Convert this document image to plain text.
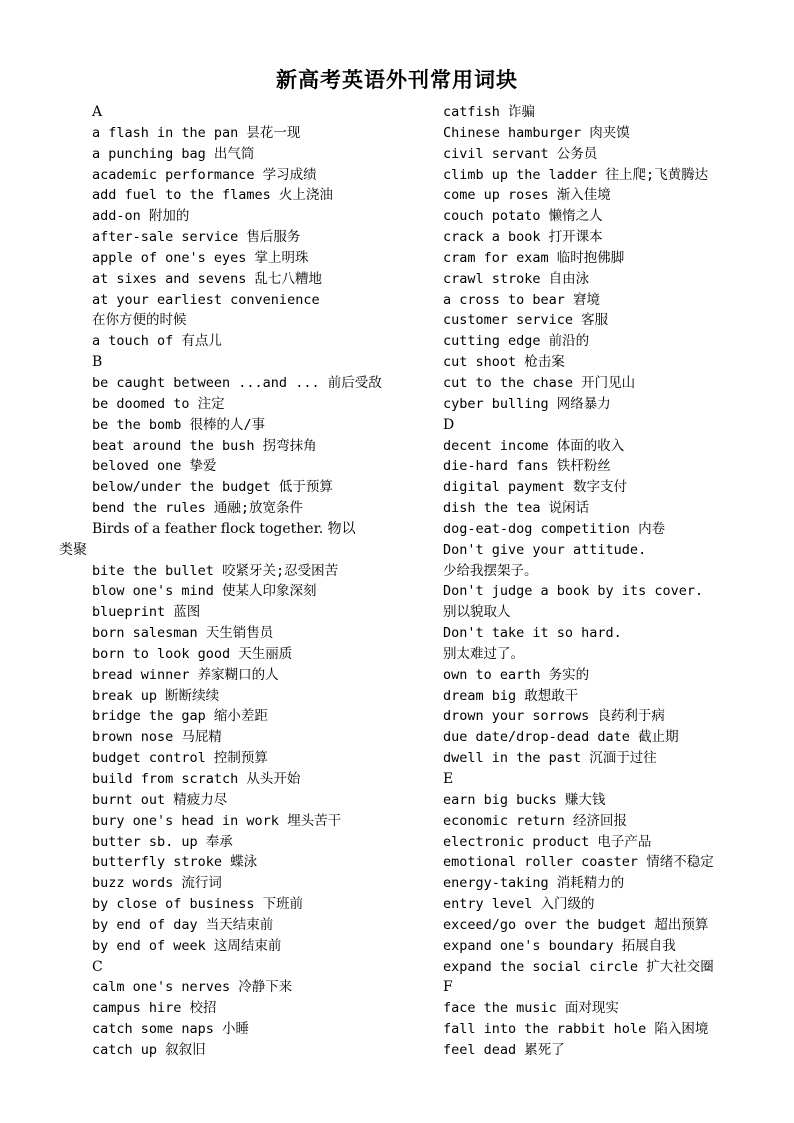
新高考英语外刊常用词块
A
a flash in the pan 昙花一现
a punching bag 出气筒
academic performance 学习成绩
add fuel to the flames 火上浇油
add-on 附加的
after-sale service 售后服务
apple of one's eyes 掌上明珠
at sixes and sevens 乱七八糟地
at your earliest convenience
在你方便的时候
a touch of 有点儿
B
be caught between ...and ... 前后受敌
be doomed to 注定
be the bomb 很棒的人/事
beat around the bush 拐弯抹角
beloved one 挚爱
below/under the budget 低于预算
bend the rules 通融;放宽条件
Birds of a feather flock together. 物以
类聚
bite the bullet 咬紧牙关;忍受困苦
blow one's mind 使某人印象深刻
blueprint 蓝图
born salesman 天生销售员
born to look good 天生丽质
bread winner 养家糊口的人
break up 断断续续
bridge the gap 缩小差距
brown nose 马屁精
budget control 控制预算
build from scratch 从头开始
burnt out 精疲力尽
bury one's head in work 埋头苦干
butter sb. up 奉承
butterfly stroke 蝶泳
buzz words 流行词
by close of business 下班前
by end of day 当天结束前
by end of week 这周结束前
C
calm one's nerves 冷静下来
campus hire 校招
catch some naps 小睡
catch up 叙叙旧
catfish 诈骗
Chinese hamburger 肉夹馍
civil servant 公务员
climb up the ladder 往上爬;飞黄腾达
come up roses 渐入佳境
couch potato 懒惰之人
crack a book 打开课本
cram for exam 临时抱佛脚
crawl stroke 自由泳
a cross to bear 窘境
customer service 客服
cutting edge 前沿的
cut shoot 枪击案
cut to the chase 开门见山
cyber bulling 网络暴力
D
decent income 体面的收入
die-hard fans 铁杆粉丝
digital payment 数字支付
dish the tea 说闲话
dog-eat-dog competition 内卷
Don't give your attitude.
少给我摆架子。
Don't judge a book by its cover.
别以貌取人
Don't take it so hard.
别太难过了。
own to earth 务实的
dream big 敢想敢干
drown your sorrows 良药利于病
due date/drop-dead date 截止期
dwell in the past 沉湎于过往
E
earn big bucks 赚大钱
economic return 经济回报
electronic product 电子产品
emotional roller coaster 情绪不稳定
energy-taking 消耗精力的
entry level 入门级的
exceed/go over the budget 超出预算
expand one's boundary 拓展自我
expand the social circle 扩大社交圈
F
face the music 面对现实
fall into the rabbit hole 陷入困境
feel dead 累死了
